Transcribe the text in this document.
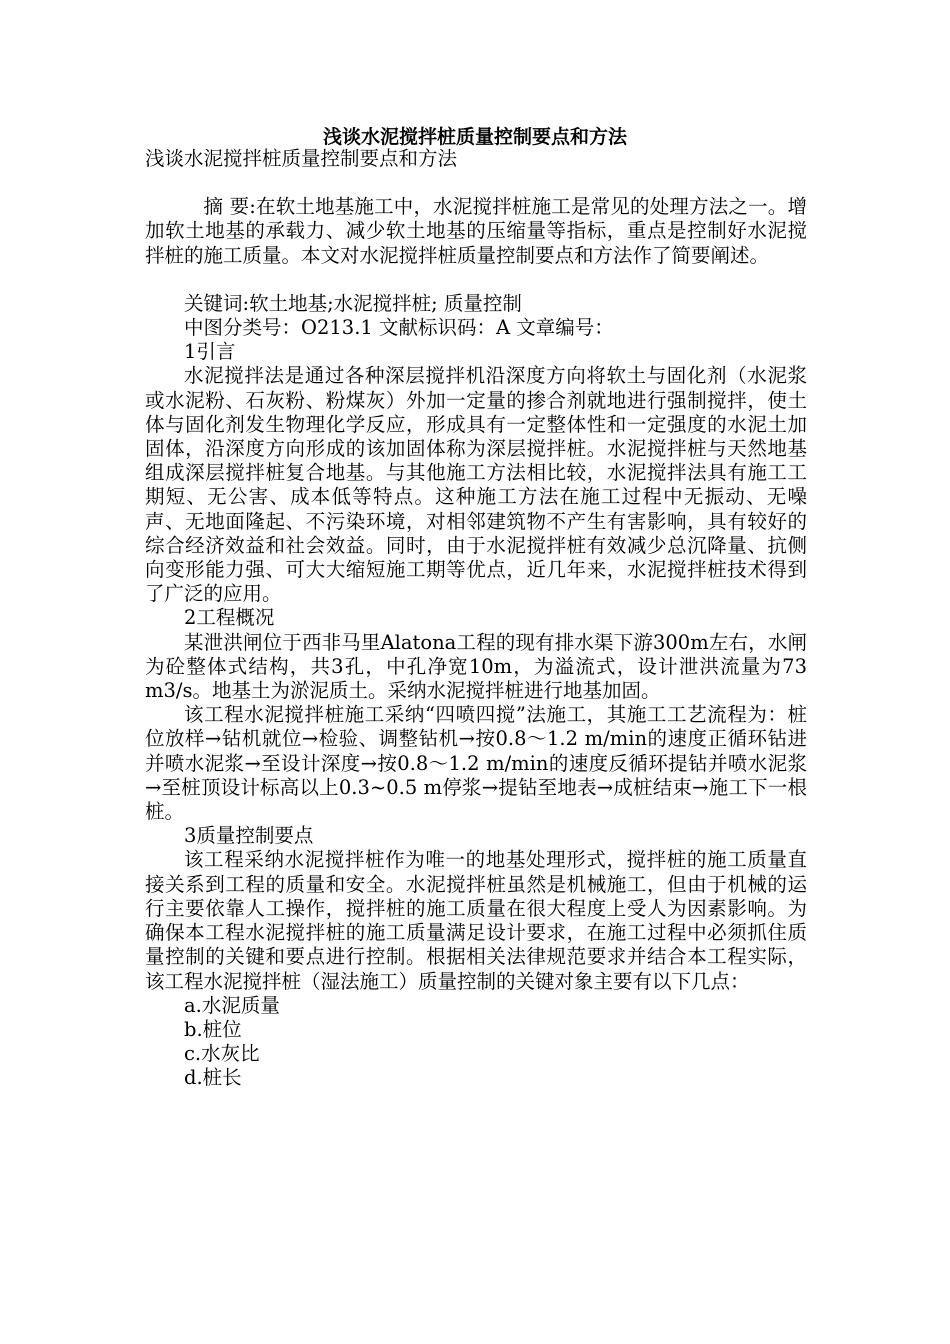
浅谈水泥搅拌桩质量控制要点和方法

浅谈水泥搅拌桩质量控制要点和方法

摘 要:在软土地基施工中，水泥搅拌桩施工是常见的处理方法之一。增加软土地基的承载力、减少软土地基的压缩量等指标，重点是控制好水泥搅拌桩的施工质量。本文对水泥搅拌桩质量控制要点和方法作了简要阐述。

关键词:软土地基;水泥搅拌桩; 质量控制

中图分类号：O213.1 文献标识码：A 文章编号：

1引言

水泥搅拌法是通过各种深层搅拌机沿深度方向将软土与固化剂（水泥浆或水泥粉、石灰粉、粉煤灰）外加一定量的掺合剂就地进行强制搅拌，使土体与固化剂发生物理化学反应，形成具有一定整体性和一定强度的水泥土加固体，沿深度方向形成的该加固体称为深层搅拌桩。水泥搅拌桩与天然地基组成深层搅拌桩复合地基。与其他施工方法相比较，水泥搅拌法具有施工工期短、无公害、成本低等特点。这种施工方法在施工过程中无振动、无噪声、无地面隆起、不污染环境，对相邻建筑物不产生有害影响，具有较好的综合经济效益和社会效益。同时，由于水泥搅拌桩有效减少总沉降量、抗侧向变形能力强、可大大缩短施工期等优点，近几年来，水泥搅拌桩技术得到了广泛的应用。

2工程概况

某泄洪闸位于西非马里Alatona工程的现有排水渠下游300m左右，水闸为砼整体式结构，共3孔，中孔净宽10m，为溢流式，设计泄洪流量为73 m3/s。地基土为淤泥质土。采纳水泥搅拌桩进行地基加固。

该工程水泥搅拌桩施工采纳“四喷四搅”法施工，其施工工艺流程为：桩位放样→钻机就位→检验、调整钻机→按0.8～1.2 m/min的速度正循环钻进并喷水泥浆→至设计深度→按0.8～1.2 m/min的速度反循环提钻并喷水泥浆→至桩顶设计标高以上0.3~0.5 m停浆→提钻至地表→成桩结束→施工下一根桩。

3质量控制要点

该工程采纳水泥搅拌桩作为唯一的地基处理形式，搅拌桩的施工质量直接关系到工程的质量和安全。水泥搅拌桩虽然是机械施工，但由于机械的运行主要依靠人工操作，搅拌桩的施工质量在很大程度上受人为因素影响。为确保本工程水泥搅拌桩的施工质量满足设计要求，在施工过程中必须抓住质量控制的关键和要点进行控制。根据相关法律规范要求并结合本工程实际，该工程水泥搅拌桩（湿法施工）质量控制的关键对象主要有以下几点：

a.水泥质量

b.桩位

c.水灰比

d.桩长
